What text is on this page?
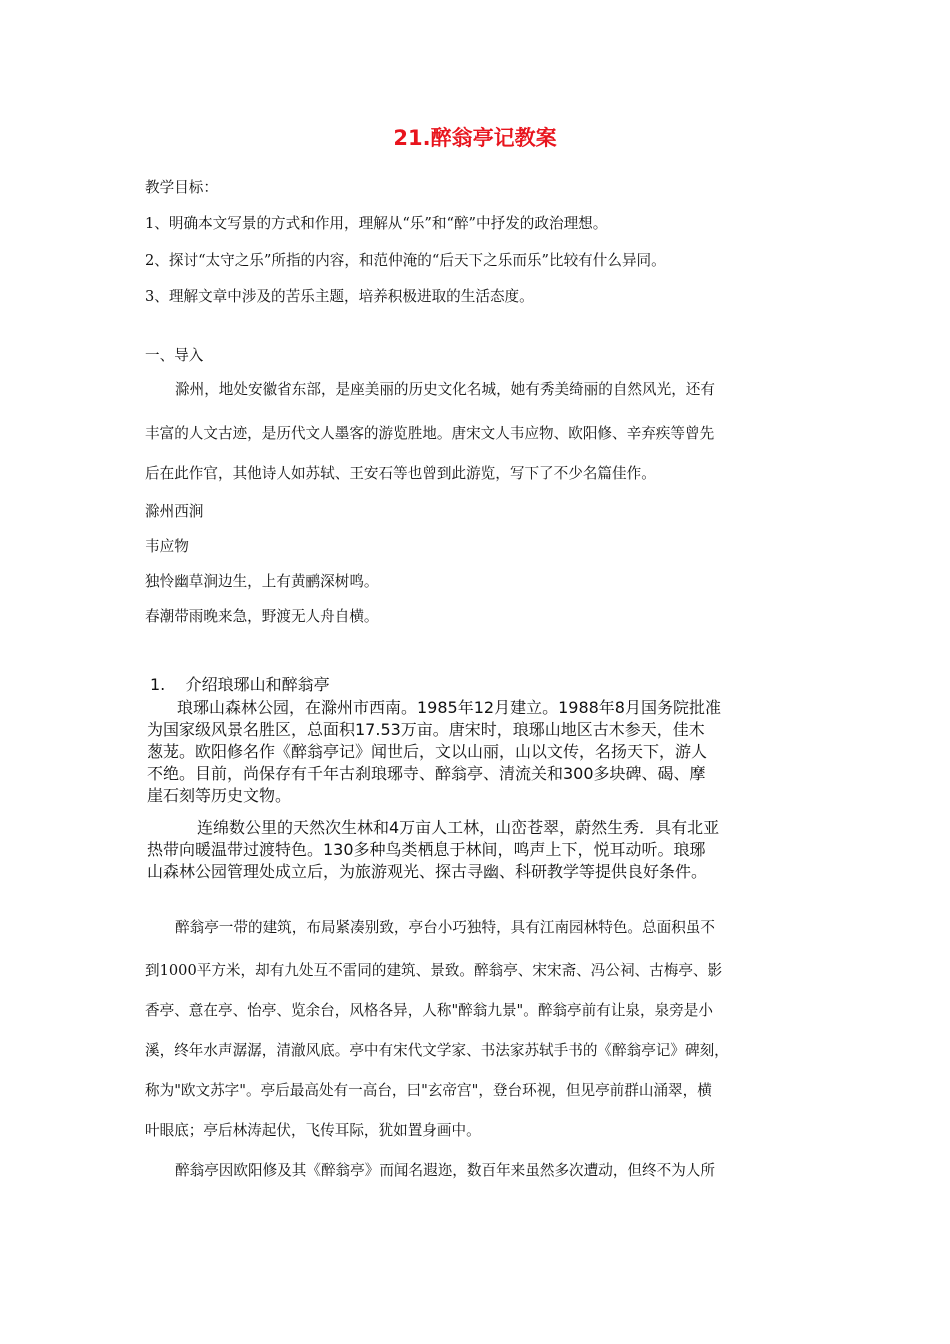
21.醉翁亭记教案
教学目标：
1、明确本文写景的方式和作用，理解从“乐”和“醉”中抒发的政治理想。
2、探讨“太守之乐”所指的内容，和范仲淹的“后天下之乐而乐”比较有什么异同。
3、理解文章中涉及的苦乐主题，培养积极进取的生活态度。
一、导入
滁州，地处安徽省东部，是座美丽的历史文化名城，她有秀美绮丽的自然风光，还有
丰富的人文古迹，是历代文人墨客的游览胜地。唐宋文人韦应物、欧阳修、辛弃疾等曾先
后在此作官，其他诗人如苏轼、王安石等也曾到此游览，写下了不少名篇佳作。
滁州西涧
韦应物
独怜幽草涧边生，上有黄鹂深树鸣。
春潮带雨晚来急，野渡无人舟自横。
1.    介绍琅琊山和醉翁亭
琅琊山森林公园，在滁州市西南。1985年12月建立。1988年8月国务院批准
为国家级风景名胜区，总面积17.53万亩。唐宋时，琅琊山地区古木参天，佳木
葱茏。欧阳修名作《醉翁亭记》闻世后，文以山丽，山以文传，名扬天下，游人
不绝。目前，尚保存有千年古刹琅琊寺、醉翁亭、清流关和300多块碑、碣、摩
崖石刻等历史文物。
连绵数公里的天然次生林和4万亩人工林，山峦苍翠，蔚然生秀．具有北亚
热带向暖温带过渡特色。130多种鸟类栖息于林间，鸣声上下，悦耳动听。琅琊
山森林公园管理处成立后，为旅游观光、探古寻幽、科研教学等提供良好条件。
醉翁亭一带的建筑，布局紧凑别致，亭台小巧独特，具有江南园林特色。总面积虽不
到1000平方米，却有九处互不雷同的建筑、景致。醉翁亭、宋宋斋、冯公祠、古梅亭、影
香亭、意在亭、怡亭、览余台，风格各异，人称"醉翁九景"。醉翁亭前有让泉，泉旁是小
溪，终年水声潺潺，清澈风底。亭中有宋代文学家、书法家苏轼手书的《醉翁亭记》碑刻，
称为"欧文苏字"。亭后最高处有一高台，曰"玄帝宫"，登台环视，但见亭前群山涌翠，横
叶眼底；亭后林涛起伏，飞传耳际，犹如置身画中。
醉翁亭因欧阳修及其《醉翁亭》而闻名遐迩，数百年来虽然多次遭动，但终不为人所
